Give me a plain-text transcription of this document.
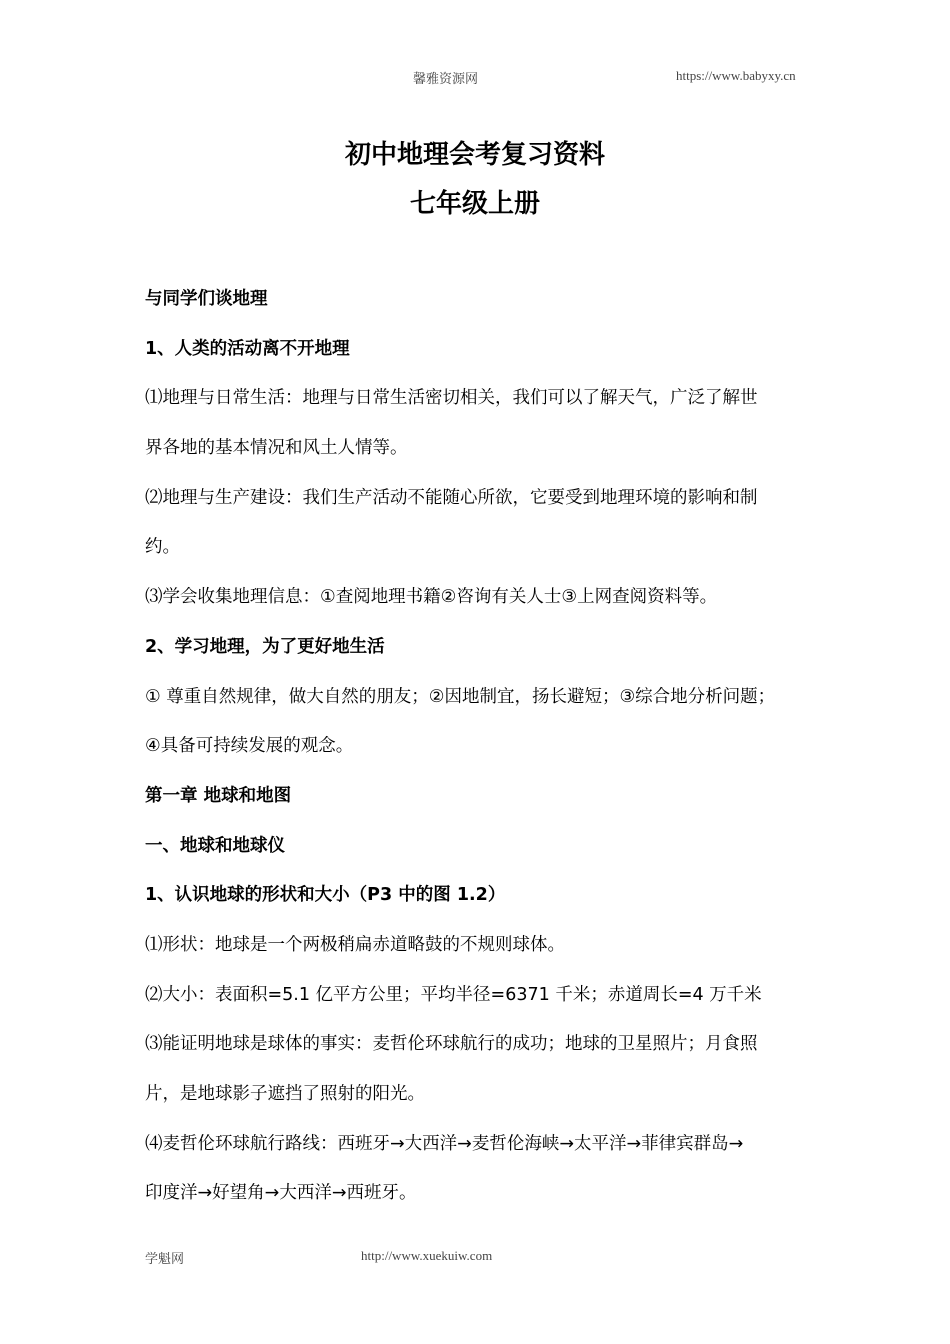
馨雅资源网	https://www.babyxy.cn
初中地理会考复习资料
七年级上册
与同学们谈地理
1、人类的活动离不开地理
⑴地理与日常生活：地理与日常生活密切相关，我们可以了解天气，广泛了解世
界各地的基本情况和风土人情等。
⑵地理与生产建设：我们生产活动不能随心所欲，它要受到地理环境的影响和制
约。
⑶学会收集地理信息：①查阅地理书籍②咨询有关人士③上网查阅资料等。
2、学习地理，为了更好地生活
① 尊重自然规律，做大自然的朋友；②因地制宜，扬长避短；③综合地分析问题；
④具备可持续发展的观念。
第一章 地球和地图
一、地球和地球仪
1、认识地球的形状和大小（P3 中的图 1.2）
⑴形状：地球是一个两极稍扁赤道略鼓的不规则球体。
⑵大小：表面积=5.1 亿平方公里；平均半径=6371 千米；赤道周长=4 万千米
⑶能证明地球是球体的事实：麦哲伦环球航行的成功；地球的卫星照片；月食照
片，是地球影子遮挡了照射的阳光。
⑷麦哲伦环球航行路线：西班牙→大西洋→麦哲伦海峡→太平洋→菲律宾群岛→
印度洋→好望角→大西洋→西班牙。
学魁网	http://www.xuekuiw.com
